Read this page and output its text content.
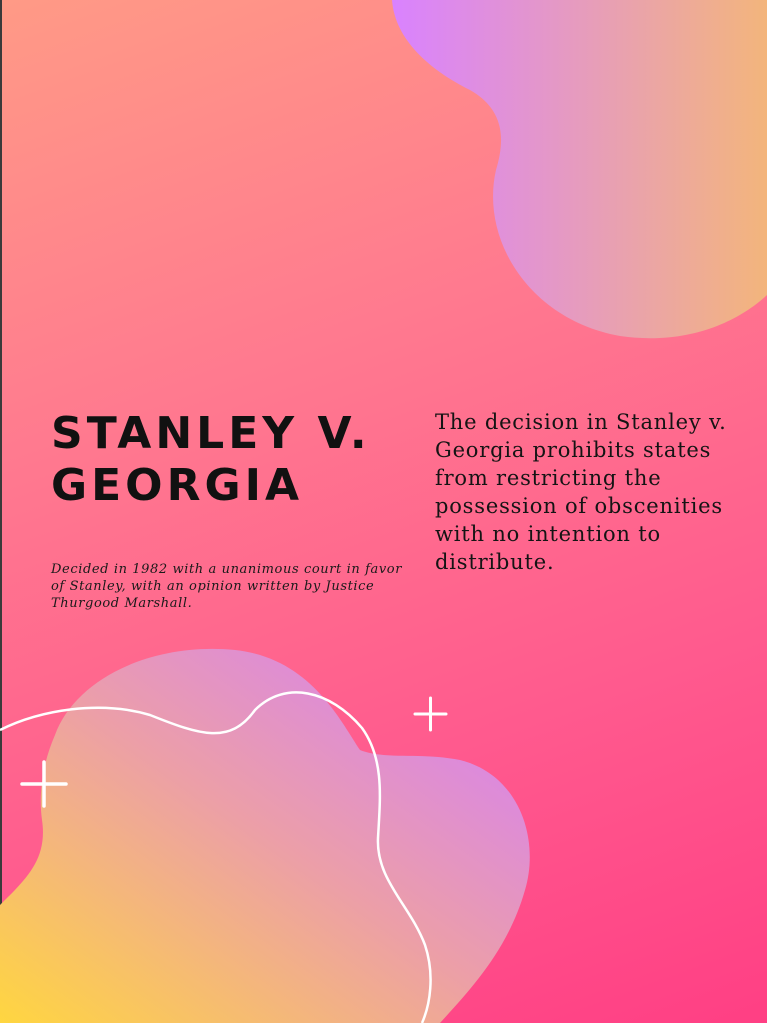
STANLEY V. GEORGIA

Decided in 1982 with a unanimous court in favor of Stanley, with an opinion written by Justice Thurgood Marshall.

The decision in Stanley v. Georgia prohibits states from restricting the possession of obscenities with no intention to distribute.
